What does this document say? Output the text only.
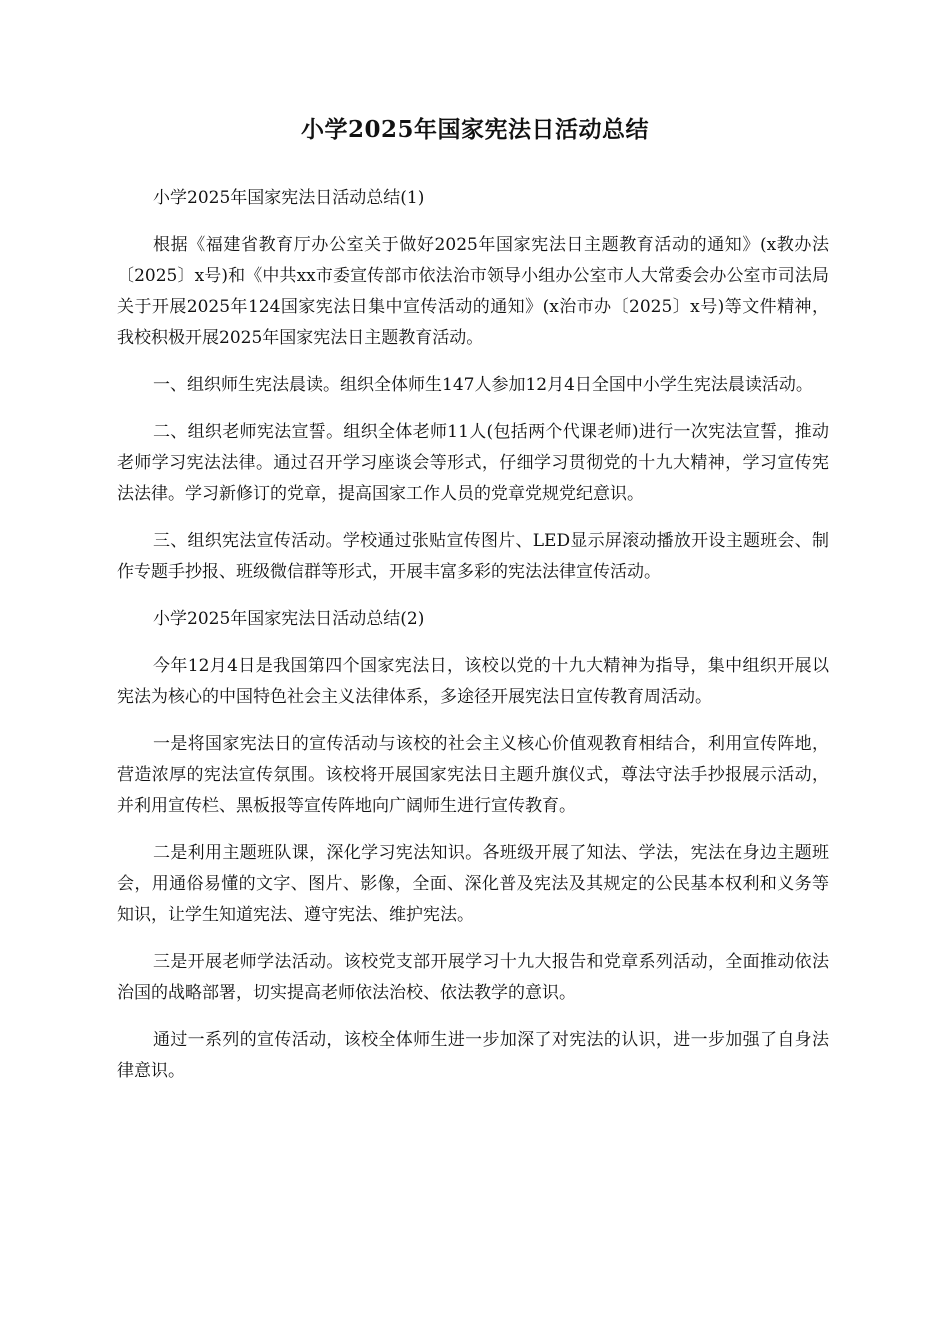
小学2025年国家宪法日活动总结

小学2025年国家宪法日活动总结(1)

根据《福建省教育厅办公室关于做好2025年国家宪法日主题教育活动的通知》(x教办法〔2025〕x号)和《中共xx市委宣传部市依法治市领导小组办公室市人大常委会办公室市司法局关于开展2025年124国家宪法日集中宣传活动的通知》(x治市办〔2025〕x号)等文件精神，我校积极开展2025年国家宪法日主题教育活动。

一、组织师生宪法晨读。组织全体师生147人参加12月4日全国中小学生宪法晨读活动。

二、组织老师宪法宣誓。组织全体老师11人(包括两个代课老师)进行一次宪法宣誓，推动老师学习宪法法律。通过召开学习座谈会等形式，仔细学习贯彻党的十九大精神，学习宣传宪法法律。学习新修订的党章，提高国家工作人员的党章党规党纪意识。

三、组织宪法宣传活动。学校通过张贴宣传图片、LED显示屏滚动播放开设主题班会、制作专题手抄报、班级微信群等形式，开展丰富多彩的宪法法律宣传活动。

小学2025年国家宪法日活动总结(2)

今年12月4日是我国第四个国家宪法日，该校以党的十九大精神为指导，集中组织开展以宪法为核心的中国特色社会主义法律体系，多途径开展宪法日宣传教育周活动。

一是将国家宪法日的宣传活动与该校的社会主义核心价值观教育相结合，利用宣传阵地，营造浓厚的宪法宣传氛围。该校将开展国家宪法日主题升旗仪式，尊法守法手抄报展示活动，并利用宣传栏、黑板报等宣传阵地向广阔师生进行宣传教育。

二是利用主题班队课，深化学习宪法知识。各班级开展了知法、学法，宪法在身边主题班会，用通俗易懂的文字、图片、影像，全面、深化普及宪法及其规定的公民基本权利和义务等知识，让学生知道宪法、遵守宪法、维护宪法。

三是开展老师学法活动。该校党支部开展学习十九大报告和党章系列活动，全面推动依法治国的战略部署，切实提高老师依法治校、依法教学的意识。

通过一系列的宣传活动，该校全体师生进一步加深了对宪法的认识，进一步加强了自身法律意识。
